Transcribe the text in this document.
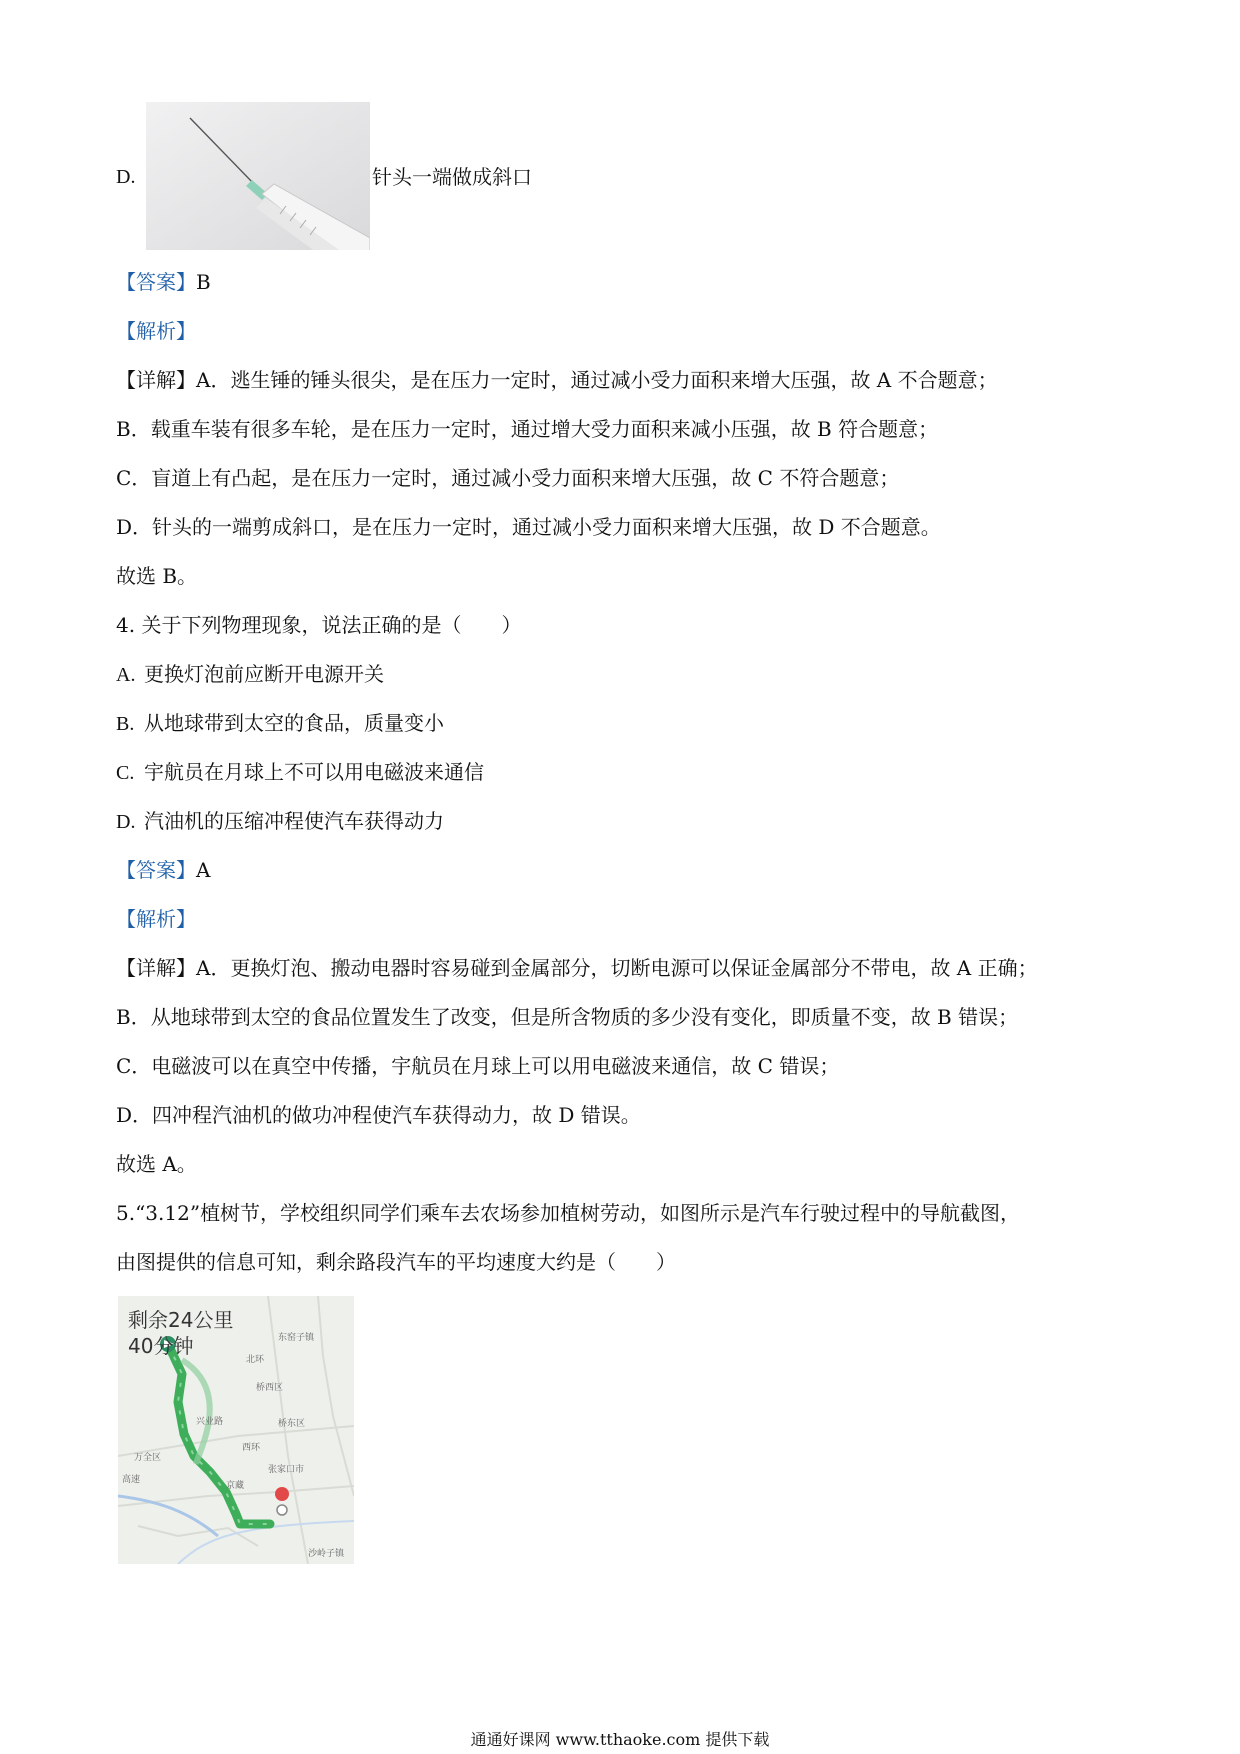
D.	针头一端做成斜口
【答案】B
【解析】
【详解】A．逃生锤的锤头很尖，是在压力一定时，通过减小受力面积来增大压强，故 A 不合题意；
B．载重车装有很多车轮，是在压力一定时，通过增大受力面积来减小压强，故 B 符合题意；
C．盲道上有凸起，是在压力一定时，通过减小受力面积来增大压强，故 C 不符合题意；
D．针头的一端剪成斜口，是在压力一定时，通过减小受力面积来增大压强，故 D 不合题意。
故选 B。
4. 关于下列物理现象，说法正确的是（　　）
A. 更换灯泡前应断开电源开关
B. 从地球带到太空的食品，质量变小
C. 宇航员在月球上不可以用电磁波来通信
D. 汽油机的压缩冲程使汽车获得动力
【答案】A
【解析】
【详解】A．更换灯泡、搬动电器时容易碰到金属部分，切断电源可以保证金属部分不带电，故 A 正确；
B．从地球带到太空的食品位置发生了改变，但是所含物质的多少没有变化，即质量不变，故 B 错误；
C．电磁波可以在真空中传播，宇航员在月球上可以用电磁波来通信，故 C 错误；
D．四冲程汽油机的做功冲程使汽车获得动力，故 D 错误。
故选 A。
5.“3.12”植树节，学校组织同学们乘车去农场参加植树劳动，如图所示是汽车行驶过程中的导航截图，
由图提供的信息可知，剩余路段汽车的平均速度大约是（　　）
剩余24公里
40分钟	东窑子镇
北环
桥西区
桥东区
万全区
张家口市
沙岭子镇
兴业路
西环
高速
京藏
通通好课网 www.tthaoke.com 提供下载
